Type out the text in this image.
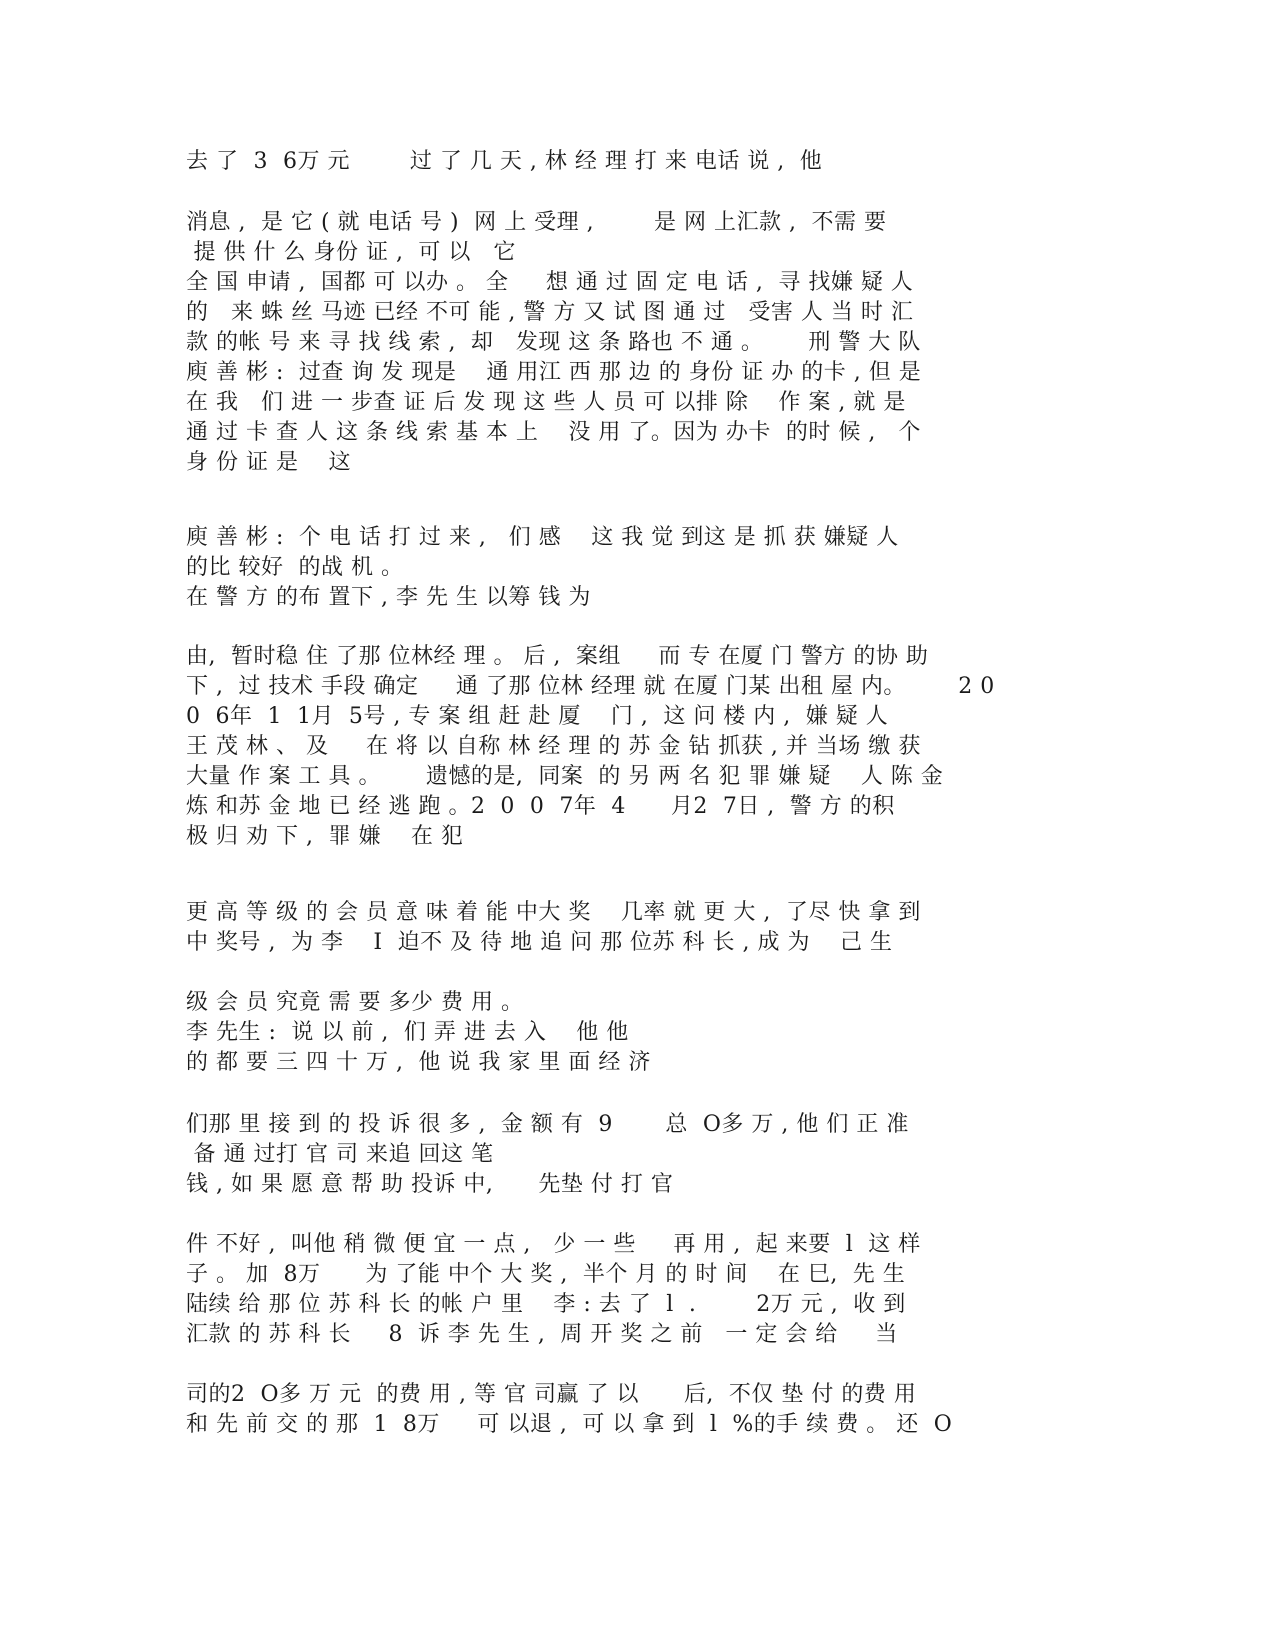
去 了  3  6万 元        过 了 几 天 , 林 经 理 打 来 电话 说 ,  他
消息 ,  是 它 ( 就 电话 号 )  网 上 受理 ,        是 网 上汇款 ,  不需 要
提 供 什 么 身份 证 ,  可 以   它
全 国 申请 ,  国都 可 以办 。 全     想 通 过 固 定 电 话 ,  寻 找嫌 疑 人
的   来 蛛 丝 马迹 已经 不可 能 , 警 方 又 试 图 通 过   受害 人 当 时 汇
款 的帐 号 来 寻 找 线 索 ,  却   发现 这 条 路也 不 通 。      刑 警 大 队
庾 善 彬 :  过查 询 发 现是    通 用江 西 那 边 的 身份 证 办 的卡 , 但 是
在 我   们 进 一 步查 证 后 发 现 这 些 人 员 可 以排 除    作 案 , 就 是
通 过 卡 查 人 这 条 线 索 基 本 上    没 用 了。因为 办卡  的时 候 ,   个
身 份 证 是    这
庾 善 彬 :  个 电 话 打 过 来 ,   们 感    这 我 觉 到这 是 抓 获 嫌疑 人
的比 较好  的战 机 。
在 警 方 的布 置下 , 李 先 生 以筹 钱 为
由,  暂时稳 住 了那 位林经 理 。 后 ,  案组     而 专 在厦 门 警方 的协 助
下 ,  过 技术 手段 确定     通 了那 位林 经理 就 在厦 门某 出租 屋 内。       2 0
0  6年  1  1月  5号 , 专 案 组 赶 赴 厦    门 ,  这 问 楼 内 ,  嫌 疑 人
王 茂 林 、 及     在 将 以 自称 林 经 理 的 苏 金 钻 抓获 , 并 当场 缴 获
大量 作 案 工 具 。      遗憾的是,  同案  的 另 两 名 犯 罪 嫌 疑    人 陈 金
炼 和苏 金 地 已 经 逃 跑 。2  0  0  7年  4      月2  7日 ,  警 方 的积
极 归 劝 下 ,  罪 嫌    在 犯
更 高 等 级 的 会 员 意 味 着 能 中大 奖    几率 就 更 大 ,  了尽 快 拿 到
中 奖号 ,  为 李    I  迫不 及 待 地 追 问 那 位苏 科 长 , 成 为    己 生
级 会 员 究竟 需 要 多少 费 用 。
李 先生 :  说 以 前 ,  们 弄 进 去 入    他 他
的 都 要 三 四 十 万 ,  他 说 我 家 里 面 经 济
们那 里 接 到 的 投 诉 很 多 ,  金 额 有  9       总  O多 万 , 他 们 正 准
备 通 过打 官 司 来追 回这 笔
钱 , 如 果 愿 意 帮 助 投诉 中,      先垫 付 打 官
件 不好 ,  叫他 稍 微 便 宜 一 点 ,   少 一 些     再 用 ,  起 来要  l  这 样
子 。 加  8万      为 了能 中个 大 奖 ,  半个 月 的 时 间    在 巳,  先 生
陆续 给 那 位 苏 科 长 的帐 户 里    李 : 去 了  l  .        2万 元 ,  收 到
汇款 的 苏 科 长     8  诉 李 先 生 ,  周 开 奖 之 前   一 定 会 给     当
司的2  O多 万 元  的费 用 , 等 官 司赢 了 以      后,  不仅 垫 付 的费 用
和 先 前 交 的 那  1  8万     可 以退 ,  可 以 拿 到  l  %的手 续 费 。 还  O
